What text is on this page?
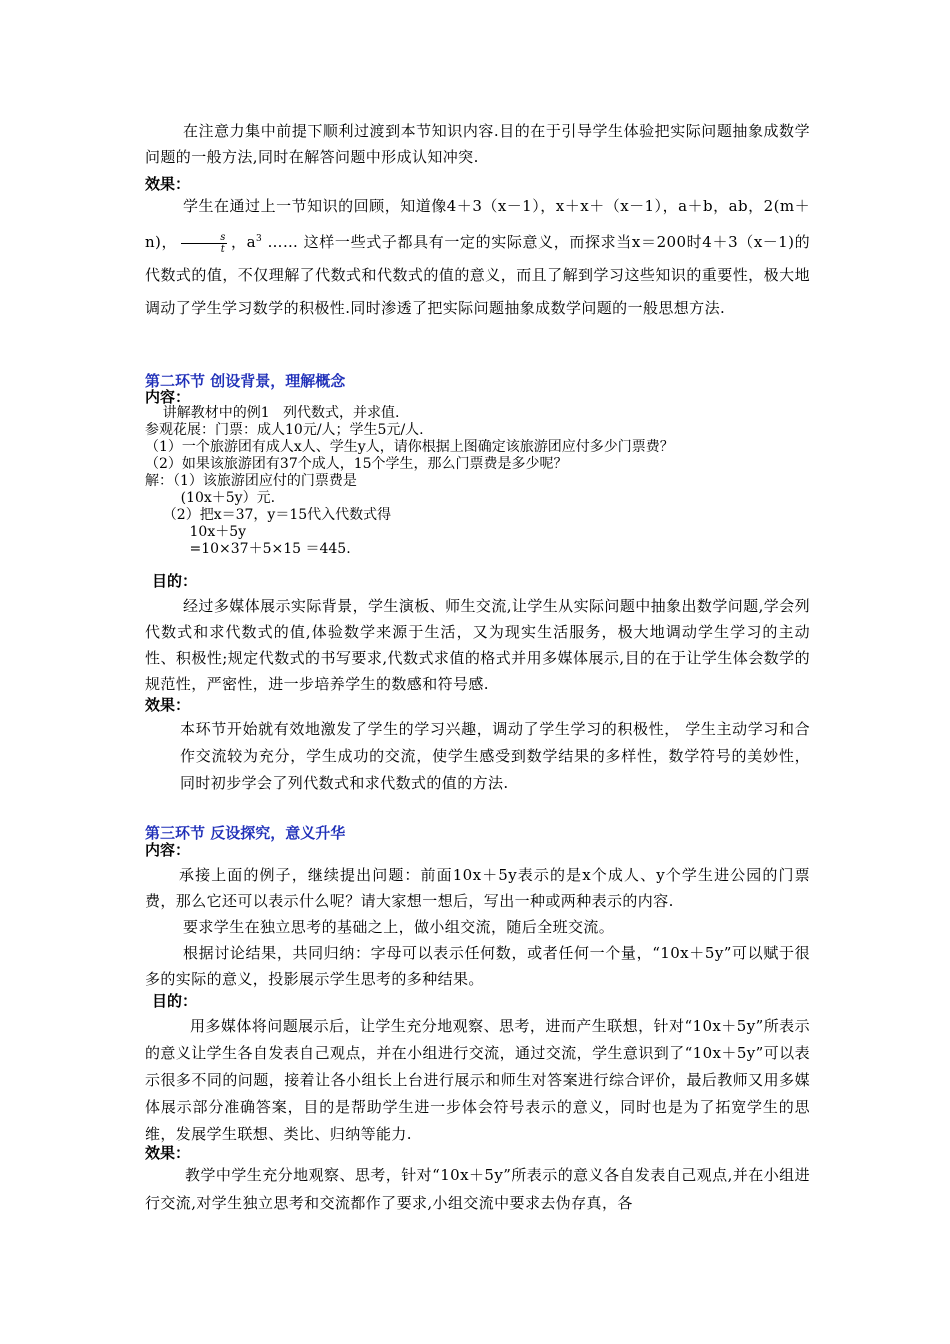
在注意力集中前提下顺利过渡到本节知识内容.目的在于引导学生体验把实际问题抽象成数学问题的一般方法,同时在解答问题中形成认知冲突.
效果：
学生在通过上一节知识的回顾，知道像4＋3（x－1），x＋x＋（x－1），a＋b，ab，2(m＋n)， $\frac{s}{t}$ ，$a^3$ …… 这样一些式子都具有一定的实际意义，而探求当x＝200时4＋3（x－1)的代数式的值，不仅理解了代数式和代数式的值的意义，而且了解到学习这些知识的重要性，极大地调动了学生学习数学的积极性.同时渗透了把实际问题抽象成数学问题的一般思想方法.
第二环节 创设背景，理解概念
内容：
讲解教材中的例1   列代数式，并求值.
参观花展：门票：成人10元/人；学生5元/人.
（1）一个旅游团有成人x人、学生y人，请你根据上图确定该旅游团应付多少门票费？
（2）如果该旅游团有37个成人，15个学生，那么门票费是多少呢？
解：（1）该旅游团应付的门票费是
(10x＋5y）元.
（2）把x＝37，y＝15代入代数式得
10x＋5y
=10×37＋5×15 ＝445.
目的：
经过多媒体展示实际背景，学生演板、师生交流,让学生从实际问题中抽象出数学问题,学会列代数式和求代数式的值,体验数学来源于生活，又为现实生活服务，极大地调动学生学习的主动性、积极性;规定代数式的书写要求,代数式求值的格式并用多媒体展示,目的在于让学生体会数学的规范性，严密性，进一步培养学生的数感和符号感.
效果：
本环节开始就有效地激发了学生的学习兴趣，调动了学生学习的积极性， 学生主动学习和合作交流较为充分，学生成功的交流，使学生感受到数学结果的多样性，数学符号的美妙性，同时初步学会了列代数式和求代数式的值的方法.
第三环节 反设探究，意义升华
内容：
承接上面的例子，继续提出问题：前面10x＋5y表示的是x个成人、y个学生进公园的门票费，那么它还可以表示什么呢？请大家想一想后，写出一种或两种表示的内容.
要求学生在独立思考的基础之上，做小组交流，随后全班交流。
根据讨论结果，共同归纳：字母可以表示任何数，或者任何一个量，“10x＋5y”可以赋于很多的实际的意义，投影展示学生思考的多种结果。
目的：
用多媒体将问题展示后，让学生充分地观察、思考，进而产生联想，针对“10x＋5y”所表示的意义让学生各自发表自己观点，并在小组进行交流，通过交流，学生意识到了“10x＋5y”可以表示很多不同的问题，接着让各小组长上台进行展示和师生对答案进行综合评价，最后教师又用多媒体展示部分准确答案，目的是帮助学生进一步体会符号表示的意义，同时也是为了拓宽学生的思维，发展学生联想、类比、归纳等能力.
效果：
教学中学生充分地观察、思考，针对“10x＋5y”所表示的意义各自发表自己观点,并在小组进行交流,对学生独立思考和交流都作了要求,小组交流中要求去伪存真，各
